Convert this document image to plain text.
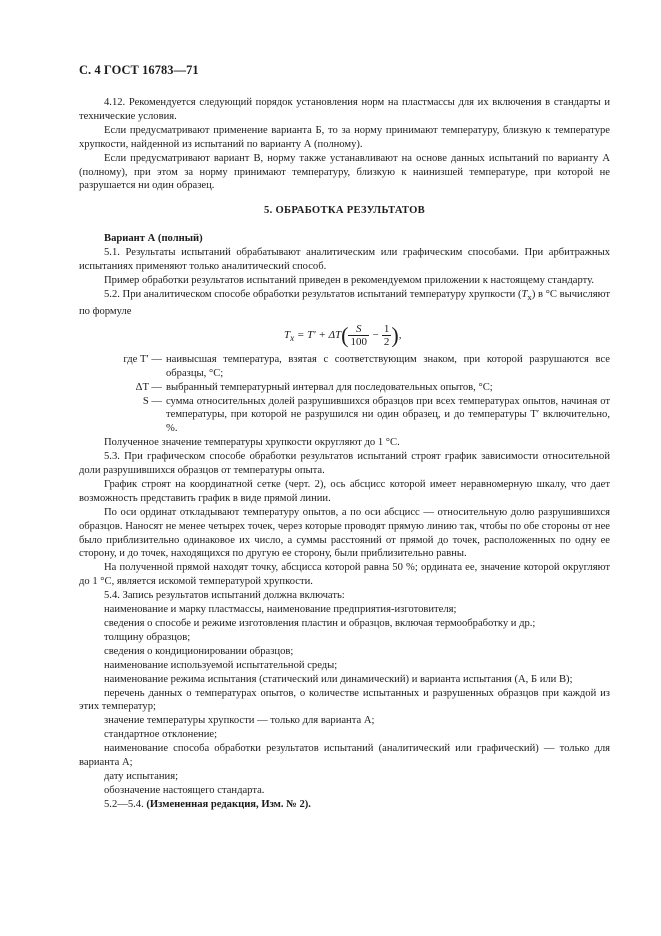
С. 4 ГОСТ 16783—71

4.12. Рекомендуется следующий порядок установления норм на пластмассы для их включения в стандарты и технические условия.

Если предусматривают применение варианта Б, то за норму принимают температуру, близкую к температуре хрупкости, найденной из испытаний по варианту А (полному).

Если предусматривают вариант В, норму также устанавливают на основе данных испытаний по варианту А (полному), при этом за норму принимают температуру, близкую к наинизшей температуре, при которой не разрушается ни один образец.

5. ОБРАБОТКА РЕЗУЛЬТАТОВ

Вариант А (полный)

5.1. Результаты испытаний обрабатывают аналитическим или графическим способами. При арбитражных испытаниях применяют только аналитический способ.

Пример обработки результатов испытаний приведен в рекомендуемом приложении к настоящему стандарту.

5.2. При аналитическом способе обработки результатов испытаний температуру хрупкости $(T_x)$ в °С вычисляют по формуле

$T_x = T' + \Delta T( \frac{S}{100} - \frac{1}{2}$ ),
где T′ — наивысшая температура, взятая с соответствующим знаком, при которой разрушаются все образцы, °С;
ΔT — выбранный температурный интервал для последовательных опытов, °С;
S — сумма относительных долей разрушившихся образцов при всех температурах опытов, начиная от температуры, при которой не разрушился ни один образец, и до температуры T′ включительно, %.

Полученное значение температуры хрупкости округляют до 1 °С.

5.3. При графическом способе обработки результатов испытаний строят график зависимости относительной доли разрушившихся образцов от температуры опыта.

График строят на координатной сетке (черт. 2), ось абсцисс которой имеет неравномерную шкалу, что дает возможность представить график в виде прямой линии.

По оси ординат откладывают температуру опытов, а по оси абсцисс — относительную долю разрушившихся образцов. Наносят не менее четырех точек, через которые проводят прямую линию так, чтобы по обе стороны от нее было приблизительно одинаковое их число, а суммы расстояний от прямой до точек, расположенных по одну ее сторону, и до точек, находящихся по другую ее сторону, были приблизительно равны.

На полученной прямой находят точку, абсцисса которой равна 50 %; ордината ее, значение которой округляют до 1 °С, является искомой температурой хрупкости.

5.4. Запись результатов испытаний должна включать:

наименование и марку пластмассы, наименование предприятия-изготовителя;

сведения о способе и режиме изготовления пластин и образцов, включая термообработку и др.;

толщину образцов;

сведения о кондиционировании образцов;

наименование используемой испытательной среды;

наименование режима испытания (статический или динамический) и варианта испытания (А, Б или В);

перечень данных о температурах опытов, о количестве испытанных и разрушенных образцов при каждой из этих температур;

значение температуры хрупкости — только для варианта А;

стандартное отклонение;

наименование способа обработки результатов испытаний (аналитический или графический) — только для варианта А;

дату испытания;

обозначение настоящего стандарта.

5.2—5.4. (Измененная редакция, Изм. № 2).
